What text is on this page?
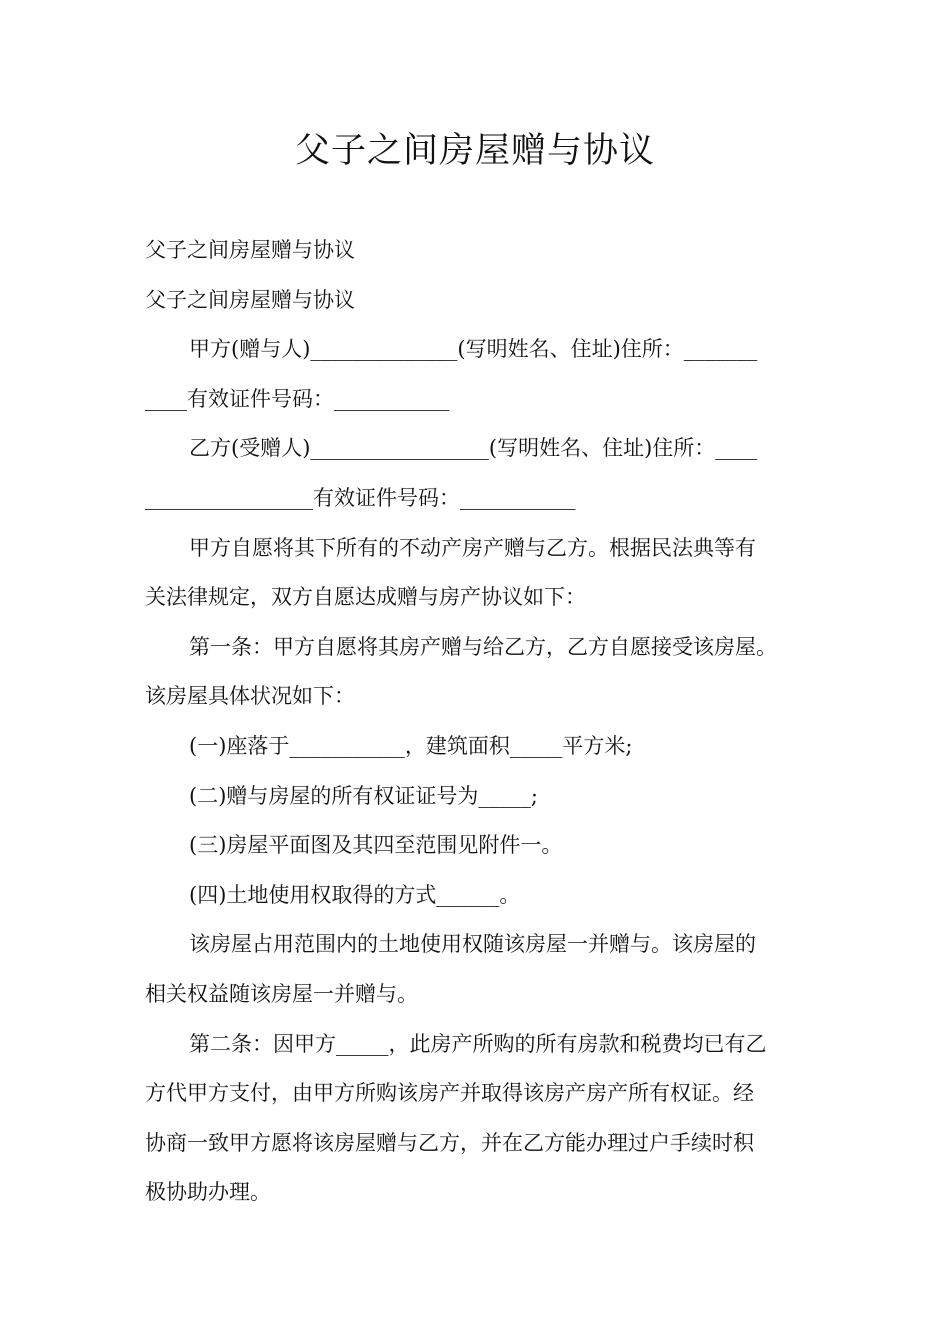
父子之间房屋赠与协议

父子之间房屋赠与协议

父子之间房屋赠与协议

甲方(赠与人)______________(写明姓名、住址)住所：_______

____有效证件号码：___________

乙方(受赠人)_________________(写明姓名、住址)住所：____

________________有效证件号码：___________

甲方自愿将其下所有的不动产房产赠与乙方。根据民法典等有

关法律规定，双方自愿达成赠与房产协议如下：

第一条：甲方自愿将其房产赠与给乙方，乙方自愿接受该房屋。

该房屋具体状况如下：

(一)座落于___________，建筑面积_____平方米;

(二)赠与房屋的所有权证证号为_____;

(三)房屋平面图及其四至范围见附件一。

(四)土地使用权取得的方式______。

该房屋占用范围内的土地使用权随该房屋一并赠与。该房屋的

相关权益随该房屋一并赠与。

第二条：因甲方_____，此房产所购的所有房款和税费均已有乙

方代甲方支付，由甲方所购该房产并取得该房产房产所有权证。经

协商一致甲方愿将该房屋赠与乙方，并在乙方能办理过户手续时积

极协助办理。
